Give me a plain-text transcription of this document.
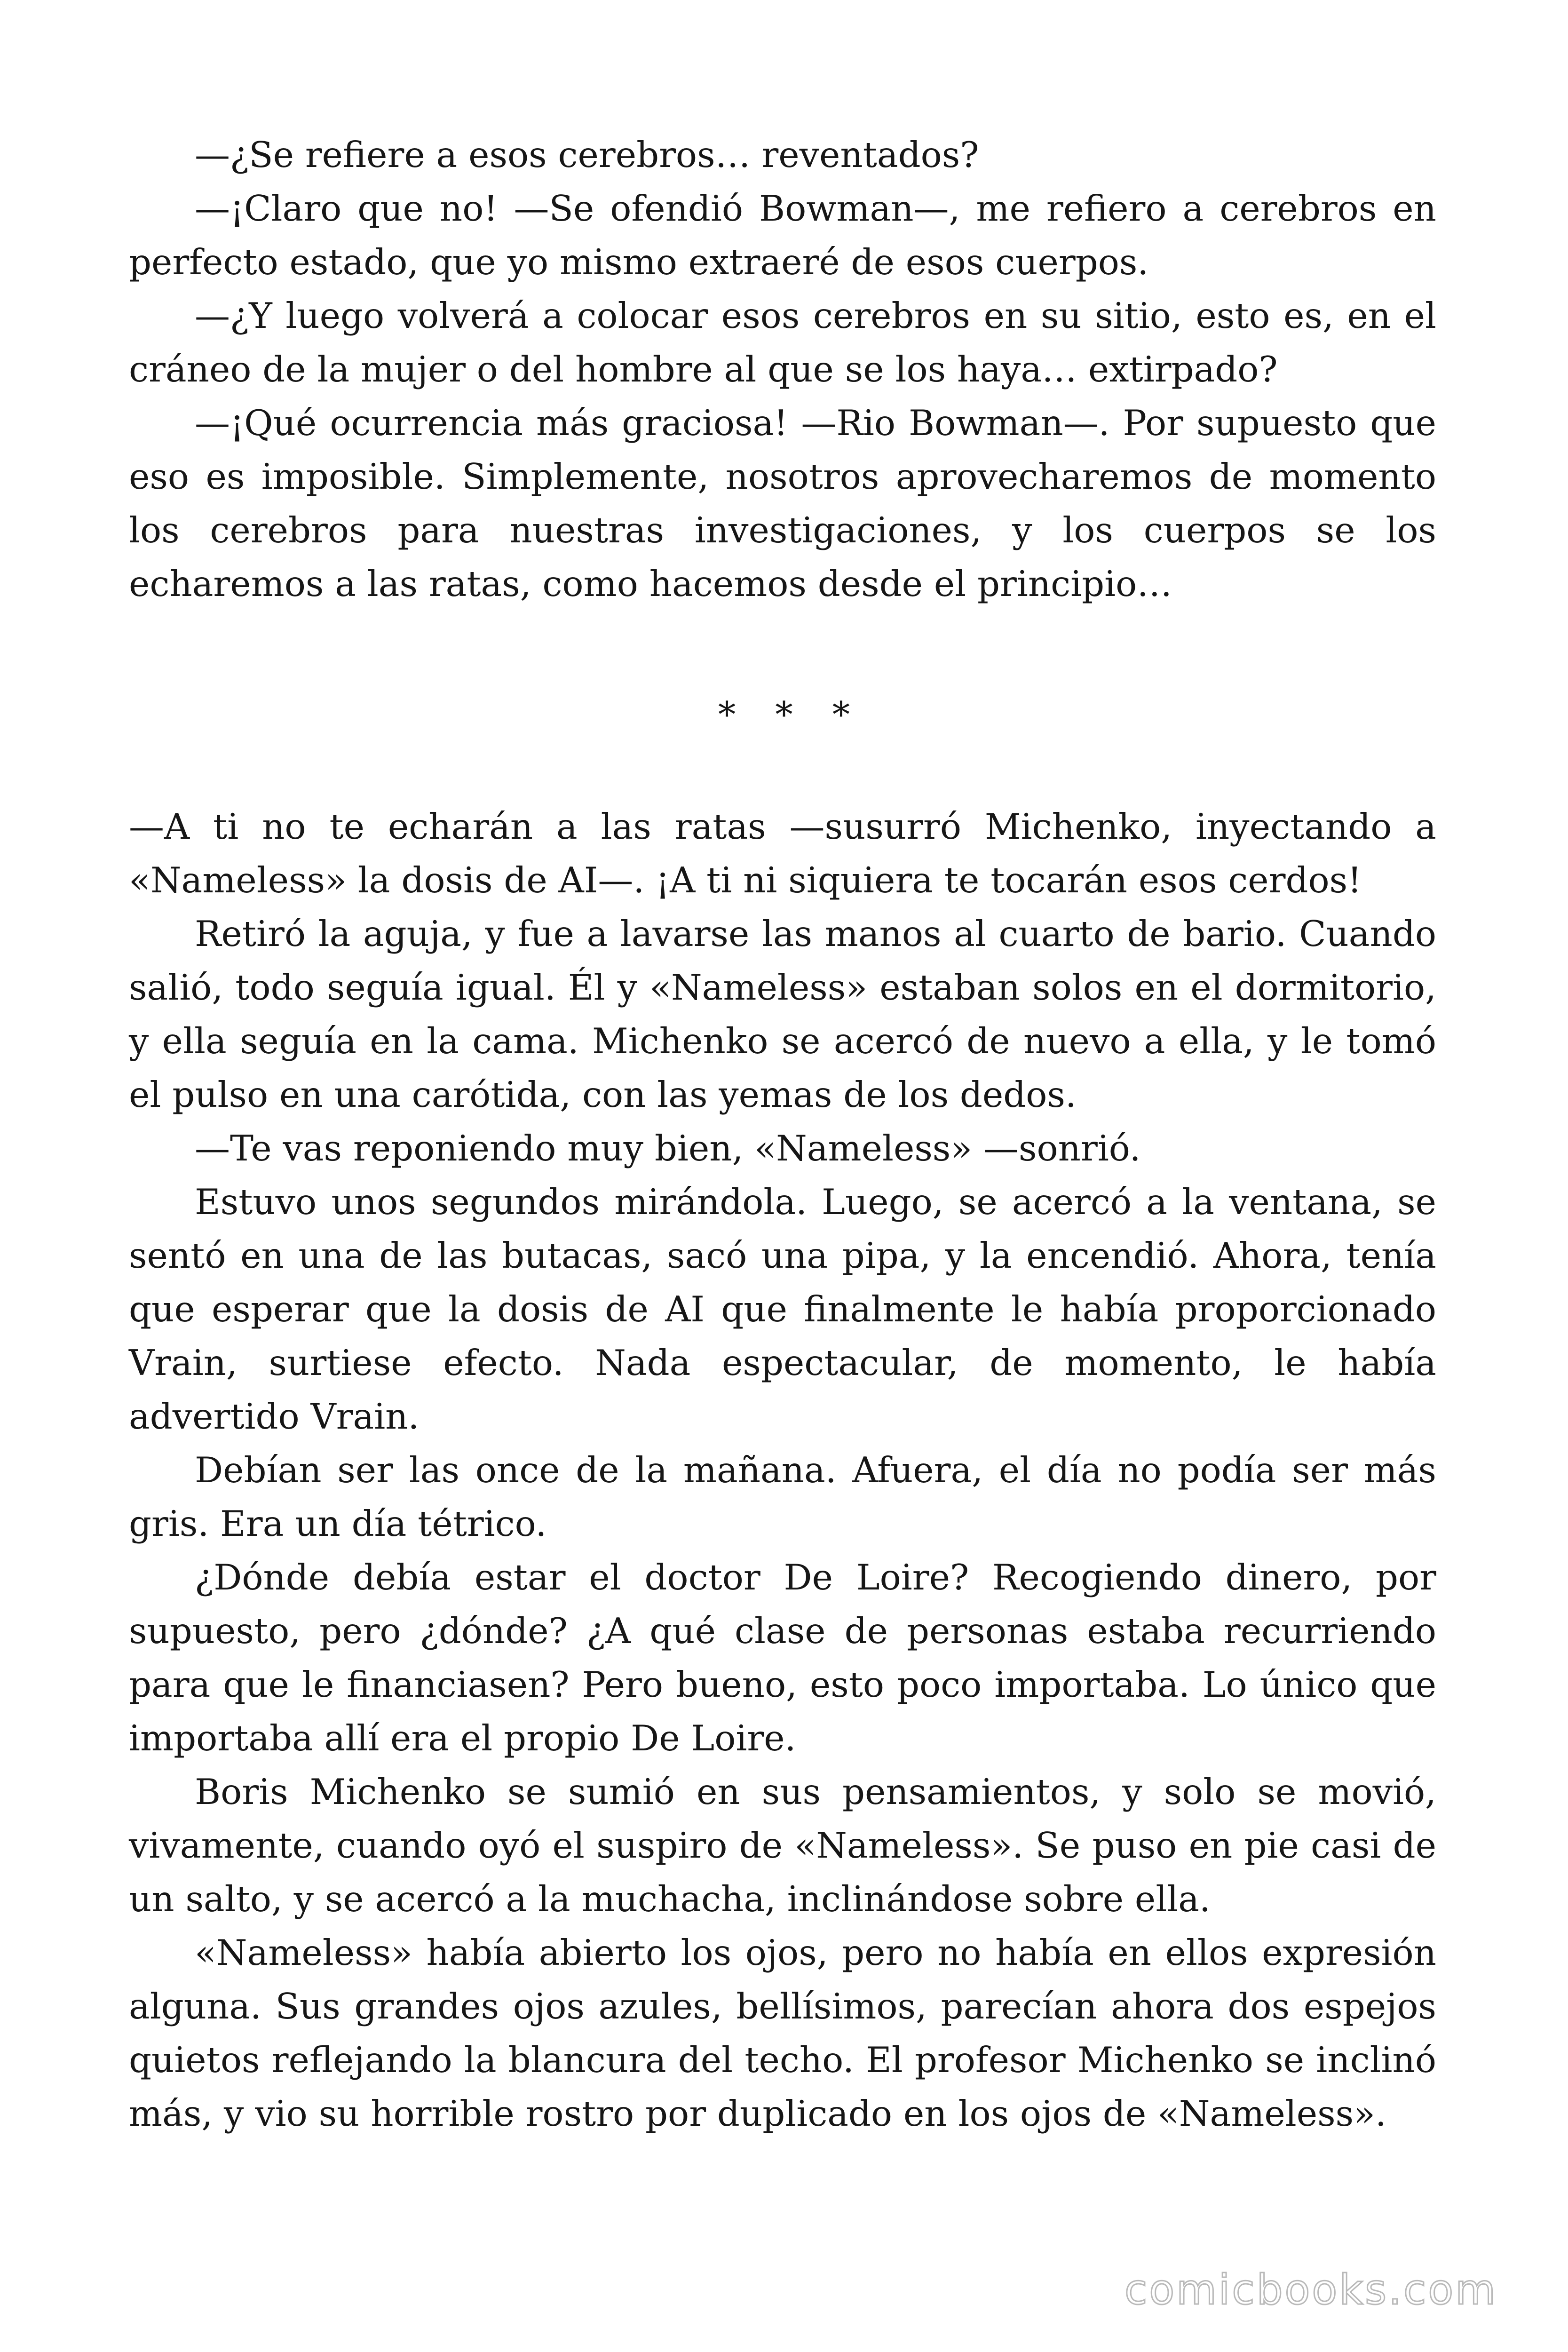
—¿Se refiere a esos cerebros… reventados?

—¡Claro que no! —Se ofendió Bowman—, me refiero a cerebros en perfecto estado, que yo mismo extraeré de esos cuerpos.

—¿Y luego volverá a colocar esos cerebros en su sitio, esto es, en el cráneo de la mujer o del hombre al que se los haya… extirpado?

—¡Qué ocurrencia más graciosa! —Rio Bowman—. Por supuesto que eso es imposible. Simplemente, nosotros aprovecharemos de momento los cerebros para nuestras investigaciones, y los cuerpos se los echaremos a las ratas, como hacemos desde el principio…

* * *

—A ti no te echarán a las ratas —susurró Michenko, inyectando a «Nameless» la dosis de AI—. ¡A ti ni siquiera te tocarán esos cerdos!

Retiró la aguja, y fue a lavarse las manos al cuarto de bario. Cuando salió, todo seguía igual. Él y «Nameless» estaban solos en el dormitorio, y ella seguía en la cama. Michenko se acercó de nuevo a ella, y le tomó el pulso en una carótida, con las yemas de los dedos.

—Te vas reponiendo muy bien, «Nameless» —sonrió.

Estuvo unos segundos mirándola. Luego, se acercó a la ventana, se sentó en una de las butacas, sacó una pipa, y la encendió. Ahora, tenía que esperar que la dosis de AI que finalmente le había proporcionado Vrain, surtiese efecto. Nada espectacular, de momento, le había advertido Vrain.

Debían ser las once de la mañana. Afuera, el día no podía ser más gris. Era un día tétrico.

¿Dónde debía estar el doctor De Loire? Recogiendo dinero, por supuesto, pero ¿dónde? ¿A qué clase de personas estaba recurriendo para que le financiasen? Pero bueno, esto poco importaba. Lo único que importaba allí era el propio De Loire.

Boris Michenko se sumió en sus pensamientos, y solo se movió, vivamente, cuando oyó el suspiro de «Nameless». Se puso en pie casi de un salto, y se acercó a la muchacha, inclinándose sobre ella.

«Nameless» había abierto los ojos, pero no había en ellos expresión alguna. Sus grandes ojos azules, bellísimos, parecían ahora dos espejos quietos reflejando la blancura del techo. El profesor Michenko se inclinó más, y vio su horrible rostro por duplicado en los ojos de «Nameless».

comicbooks.com
